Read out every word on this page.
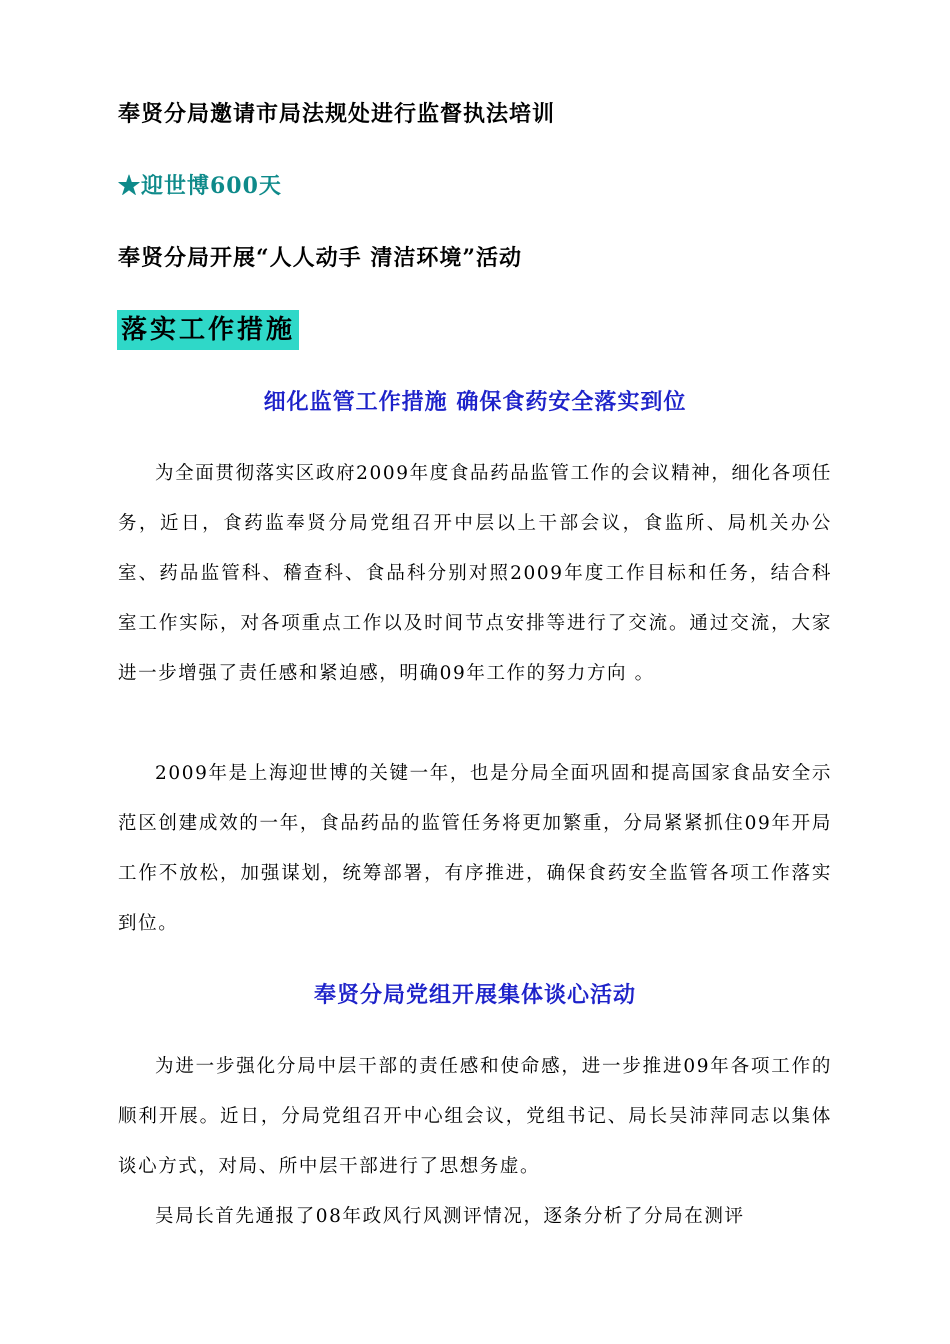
奉贤分局邀请市局法规处进行监督执法培训
★迎世博600天
奉贤分局开展“人人动手 清洁环境”活动
落实工作措施
细化监管工作措施 确保食药安全落实到位

为全面贯彻落实区政府2009年度食品药品监管工作的会议精神，细化各项任务，近日，食药监奉贤分局党组召开中层以上干部会议，食监所、局机关办公室、药品监管科、稽查科、食品科分别对照2009年度工作目标和任务，结合科室工作实际，对各项重点工作以及时间节点安排等进行了交流。通过交流，大家进一步增强了责任感和紧迫感，明确09年工作的努力方向 。

2009年是上海迎世博的关键一年，也是分局全面巩固和提高国家食品安全示范区创建成效的一年，食品药品的监管任务将更加繁重，分局紧紧抓住09年开局工作不放松，加强谋划，统筹部署，有序推进，确保食药安全监管各项工作落实到位。

奉贤分局党组开展集体谈心活动

为进一步强化分局中层干部的责任感和使命感，进一步推进09年各项工作的顺利开展。近日，分局党组召开中心组会议，党组书记、局长吴沛萍同志以集体谈心方式，对局、所中层干部进行了思想务虚。

吴局长首先通报了08年政风行风测评情况，逐条分析了分局在测评
